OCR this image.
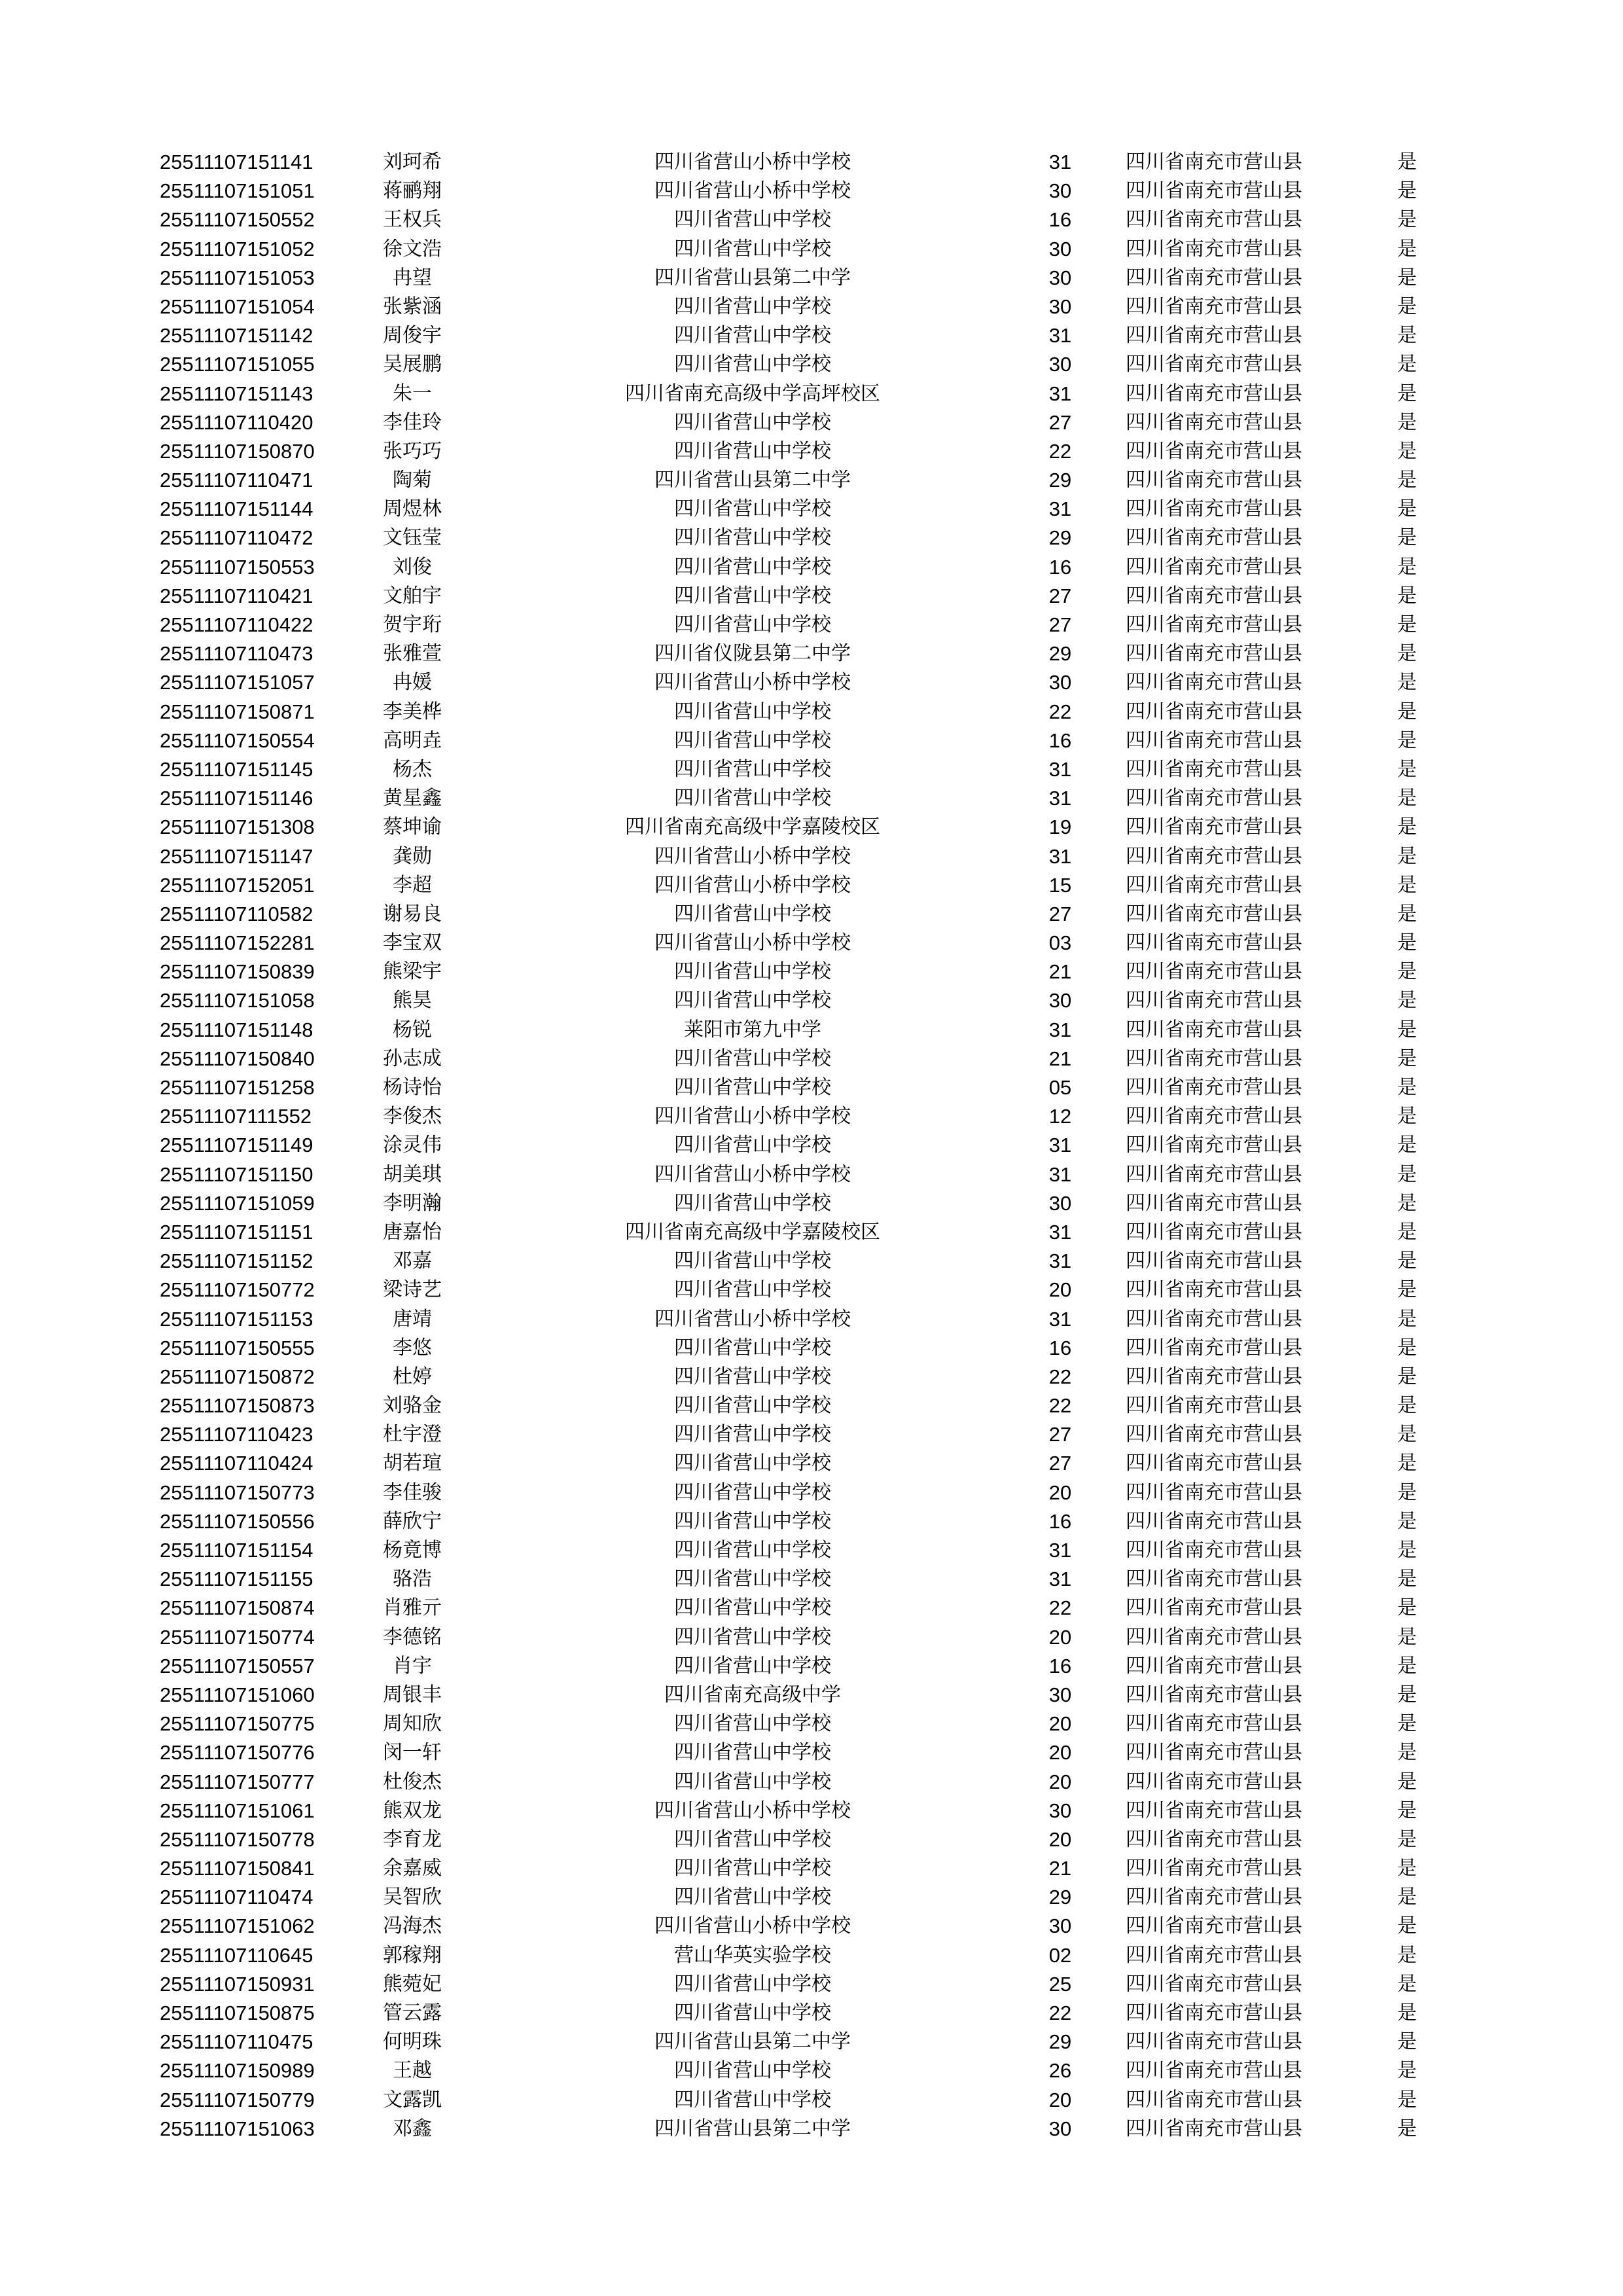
25511107151141	刘珂希	四川省营山小桥中学校	31	四川省南充市营山县	是
25511107151051	蒋鹂翔	四川省营山小桥中学校	30	四川省南充市营山县	是
25511107150552	王权兵	四川省营山中学校	16	四川省南充市营山县	是
25511107151052	徐文浩	四川省营山中学校	30	四川省南充市营山县	是
25511107151053	冉望	四川省营山县第二中学	30	四川省南充市营山县	是
25511107151054	张紫涵	四川省营山中学校	30	四川省南充市营山县	是
25511107151142	周俊宇	四川省营山中学校	31	四川省南充市营山县	是
25511107151055	吴展鹏	四川省营山中学校	30	四川省南充市营山县	是
25511107151143	朱一	四川省南充高级中学高坪校区	31	四川省南充市营山县	是
25511107110420	李佳玲	四川省营山中学校	27	四川省南充市营山县	是
25511107150870	张巧巧	四川省营山中学校	22	四川省南充市营山县	是
25511107110471	陶菊	四川省营山县第二中学	29	四川省南充市营山县	是
25511107151144	周煜林	四川省营山中学校	31	四川省南充市营山县	是
25511107110472	文钰莹	四川省营山中学校	29	四川省南充市营山县	是
25511107150553	刘俊	四川省营山中学校	16	四川省南充市营山县	是
25511107110421	文舶宇	四川省营山中学校	27	四川省南充市营山县	是
25511107110422	贺宇珩	四川省营山中学校	27	四川省南充市营山县	是
25511107110473	张雅萱	四川省仪陇县第二中学	29	四川省南充市营山县	是
25511107151057	冉媛	四川省营山小桥中学校	30	四川省南充市营山县	是
25511107150871	李美桦	四川省营山中学校	22	四川省南充市营山县	是
25511107150554	高明垚	四川省营山中学校	16	四川省南充市营山县	是
25511107151145	杨杰	四川省营山中学校	31	四川省南充市营山县	是
25511107151146	黄星鑫	四川省营山中学校	31	四川省南充市营山县	是
25511107151308	蔡坤谕	四川省南充高级中学嘉陵校区	19	四川省南充市营山县	是
25511107151147	龚勋	四川省营山小桥中学校	31	四川省南充市营山县	是
25511107152051	李超	四川省营山小桥中学校	15	四川省南充市营山县	是
25511107110582	谢易良	四川省营山中学校	27	四川省南充市营山县	是
25511107152281	李宝双	四川省营山小桥中学校	03	四川省南充市营山县	是
25511107150839	熊梁宇	四川省营山中学校	21	四川省南充市营山县	是
25511107151058	熊昊	四川省营山中学校	30	四川省南充市营山县	是
25511107151148	杨锐	莱阳市第九中学	31	四川省南充市营山县	是
25511107150840	孙志成	四川省营山中学校	21	四川省南充市营山县	是
25511107151258	杨诗怡	四川省营山中学校	05	四川省南充市营山县	是
25511107111552	李俊杰	四川省营山小桥中学校	12	四川省南充市营山县	是
25511107151149	涂灵伟	四川省营山中学校	31	四川省南充市营山县	是
25511107151150	胡美琪	四川省营山小桥中学校	31	四川省南充市营山县	是
25511107151059	李明瀚	四川省营山中学校	30	四川省南充市营山县	是
25511107151151	唐嘉怡	四川省南充高级中学嘉陵校区	31	四川省南充市营山县	是
25511107151152	邓嘉	四川省营山中学校	31	四川省南充市营山县	是
25511107150772	梁诗艺	四川省营山中学校	20	四川省南充市营山县	是
25511107151153	唐靖	四川省营山小桥中学校	31	四川省南充市营山县	是
25511107150555	李悠	四川省营山中学校	16	四川省南充市营山县	是
25511107150872	杜婷	四川省营山中学校	22	四川省南充市营山县	是
25511107150873	刘骆金	四川省营山中学校	22	四川省南充市营山县	是
25511107110423	杜宇澄	四川省营山中学校	27	四川省南充市营山县	是
25511107110424	胡若瑄	四川省营山中学校	27	四川省南充市营山县	是
25511107150773	李佳骏	四川省营山中学校	20	四川省南充市营山县	是
25511107150556	薛欣宁	四川省营山中学校	16	四川省南充市营山县	是
25511107151154	杨竟博	四川省营山中学校	31	四川省南充市营山县	是
25511107151155	骆浩	四川省营山中学校	31	四川省南充市营山县	是
25511107150874	肖雅亓	四川省营山中学校	22	四川省南充市营山县	是
25511107150774	李德铭	四川省营山中学校	20	四川省南充市营山县	是
25511107150557	肖宇	四川省营山中学校	16	四川省南充市营山县	是
25511107151060	周银丰	四川省南充高级中学	30	四川省南充市营山县	是
25511107150775	周知欣	四川省营山中学校	20	四川省南充市营山县	是
25511107150776	闵一轩	四川省营山中学校	20	四川省南充市营山县	是
25511107150777	杜俊杰	四川省营山中学校	20	四川省南充市营山县	是
25511107151061	熊双龙	四川省营山小桥中学校	30	四川省南充市营山县	是
25511107150778	李育龙	四川省营山中学校	20	四川省南充市营山县	是
25511107150841	余嘉威	四川省营山中学校	21	四川省南充市营山县	是
25511107110474	吴智欣	四川省营山中学校	29	四川省南充市营山县	是
25511107151062	冯海杰	四川省营山小桥中学校	30	四川省南充市营山县	是
25511107110645	郭稼翔	营山华英实验学校	02	四川省南充市营山县	是
25511107150931	熊菀妃	四川省营山中学校	25	四川省南充市营山县	是
25511107150875	管云露	四川省营山中学校	22	四川省南充市营山县	是
25511107110475	何明珠	四川省营山县第二中学	29	四川省南充市营山县	是
25511107150989	王越	四川省营山中学校	26	四川省南充市营山县	是
25511107150779	文露凯	四川省营山中学校	20	四川省南充市营山县	是
25511107151063	邓鑫	四川省营山县第二中学	30	四川省南充市营山县	是
